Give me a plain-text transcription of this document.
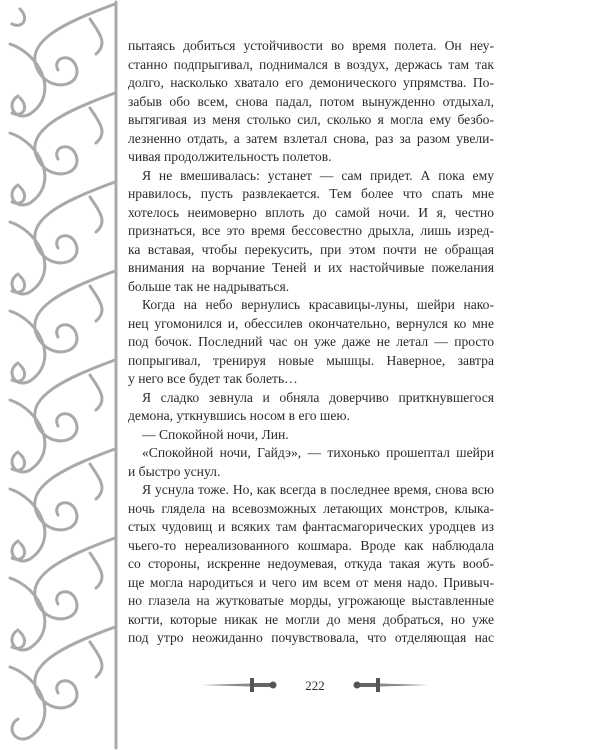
пытаясь добиться устойчивости во время полета. Он неу-
станно подпрыгивал, поднимался в воздух, держась там так
долго, насколько хватало его демонического упрямства. По-
забыв обо всем, снова падал, потом вынужденно отдыхал,
вытягивая из меня столько сил, сколько я могла ему безбо-
лезненно отдать, а затем взлетал снова, раз за разом увели-
чивая продолжительность полетов.
Я не вмешивалась: устанет — сам придет. А пока ему
нравилось, пусть развлекается. Тем более что спать мне
хотелось неимоверно вплоть до самой ночи. И я, честно
признаться, все это время бессовестно дрыхла, лишь изред-
ка вставая, чтобы перекусить, при этом почти не обращая
внимания на ворчание Теней и их настойчивые пожелания
больше так не надрываться.
Когда на небо вернулись красавицы-луны, шейри нако-
нец угомонился и, обессилев окончательно, вернулся ко мне
под бочок. Последний час он уже даже не летал — просто
попрыгивал, тренируя новые мышцы. Наверное, завтра
у него все будет так болеть…
Я сладко зевнула и обняла доверчиво приткнувшегося
демона, уткнувшись носом в его шею.
— Спокойной ночи, Лин.
«Спокойной ночи, Гайдэ», — тихонько прошептал шейри
и быстро уснул.
Я уснула тоже. Но, как всегда в последнее время, снова всю
ночь глядела на всевозможных летающих монстров, клыка-
стых чудовищ и всяких там фантасмагорических уродцев из
чьего-то нереализованного кошмара. Вроде как наблюдала
со стороны, искренне недоумевая, откуда такая жуть вооб-
ще могла народиться и чего им всем от меня надо. Привыч-
но глазела на жутковатые морды, угрожающе выставленные
когти, которые никак не могли до меня добраться, но уже
под утро неожиданно почувствовала, что отделяющая нас
222
